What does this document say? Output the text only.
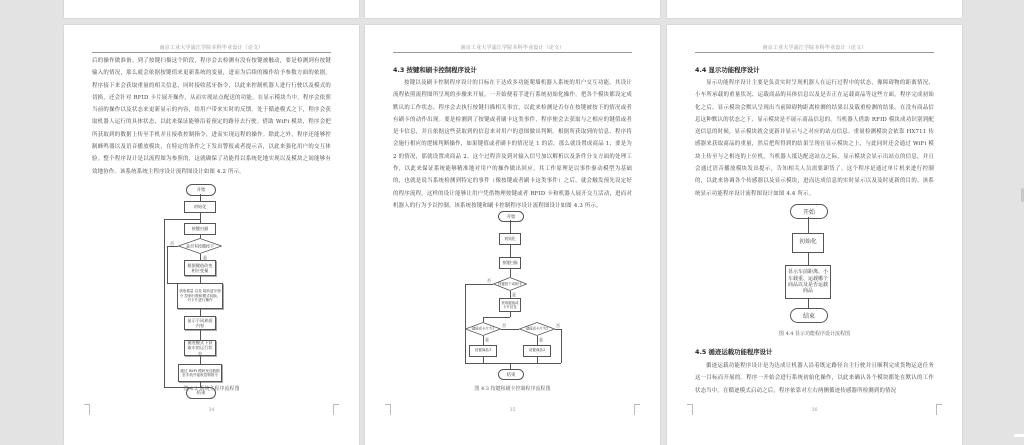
南京工业大学浦江学院本科毕业设计（论文）
后的操作做准备。到了按键扫描这个阶段，程序会去检测有没有按键被触动，要是检测到有按键输入的情况，那么就会依据按键值来更新系统的变量，进而为后续的操作给予参数方面的依据。程序接下来会获取重量的相关信息，同时接收蓝牙指令，以此来控制机器人进行行驶以及模式的切换，还会针对 RFID 卡片展开操作，从而实现站点配送的功能。在显示模块当中，程序会依照当前的操作以及状态来更新显示的内容，给用户带来实时的反馈。处于循迹模式之下，程序会获取机器人运行的具体状态，以此来保证能够沿着预定的路径去行驶。借助 WiFi 模块，程序会把所获取到的数据上传至手机并且接收控制指令，进而实现远程的操作。除此之外，程序还能够控制蜂鸣器以及语音播放模块，在特定的条件之下发出警报或者提示音，以此来强化用户的交互体验。整个程序设计是以流程图为参照的，这就确保了功能得以系统化地实现以及模块之间能够有效地协作。该系统系统主程序设计流程图设计如图 4.2 所示。
开始
初始化
按键扫描
是否有按键按下
否
是
根据键值改变相应变量
获取重量 以及 接收蓝牙指令 控制行驶和模式切换，对卡片进行操作
显示不同界面内容
循迹模式下获取车的运行状态
通过 WiFi 模块发送数据至手机并接收控制指令
结束
图 4.2 系统主程序流程图
34
南京工业大学浦江学院本科毕业设计（论文）
4.3 按键和刷卡控制程序设计
按键以及刷卡控制程序设计的目标在于达成多功能爬墙机器人系统的用户交互功能。其设计流程依照流程图所呈现的步骤来开展。一开始便着手进行系统初始化操作，把各个模块都设定成默认的工作状态。程序会去执行按键扫描相关事宜，以此来检测是否存在按键被按下的情况或者有刷卡的动作出现。要是检测到了按键或者刷卡这类事件，程序便会去获取与之相应的键值或者是卡信息，并且依据这些获取到的信息来对用户的意图做出判断。根据所获取到的信息，程序将会施行相应的逻辑判断操作，如果键值或者刷卡的情况是 1 的话，那么就设置成商品 1；要是为 2 的情况，那就设置成商品 2。这个过程涉及到对输入信号加以解析以及条件分支方面的处理工作，以此来保证系统能够精准地对用户的操作做出回应。其工作原理是以事件驱动模型为基础的，也就是说当系统检测到特定的事件（像按键或者刷卡这类事件）之后，就会触发预先设定好的程序流程。这样的设计能够让用户凭借物理按键或者 RFID 卡和机器人展开交互活动，进而对机器人的行为予以控制。该系统按键和刷卡控制程序设计流程图设计如图 4.3 所示。
开始
初始化
按键扫描
按键按下或刷卡
否
是
获取键值或卡片信息
键值或卡片为1
否
键值或卡片为2
否
是	是
设置商品1	设置商品2
结束
图 4.3 按键和刷卡控制程序流程图
35
南京工业大学浦江学院本科毕业设计（论文）
4.4 显示功能程序设计
显示功能程序设计主要是负责实时呈现机器人在运行过程中的状态，像障碍物的距离情况、小车所承载的重量状况、运载商品的具体信息以及是否正在运载商品等这些方面。程序完成初始化之后，显示模块会默认呈现出当前障碍物距离检测的结果以及载重检测的结果。在没有商品信息这种默认的状态之下，显示模块是不展示商品信息的。当机器人借助 RFID 模块成功识别到配送信息的时候，显示模块就会更新并显示与之对应的站点信息。重量检测模块会依靠 HX711 传感器来获取商品的重量，然后把所得到的结果呈现在显示模块之上，与此同时还会通过 WiFi 模块上传至与之相连的上位机。当机器人抵达配送站点之际，显示模块会显示出站点的信息，并且会通过语音播放模块发出提示，告知相关人员需要卸货了。这个程序是通过单片机来进行控制的，以此来协调各个传感器以及显示模块，进而达成信息的实时显示以及及时更新的目的。该系统显示功能程序设计流程图设计如图 4.4 所示。
开始
初始化
显示车前距离、小车载重、运载哪个商品以及是否运载商品
结束
图 4.4 显示功能程序设计流程图
4.5 循迹运载功能程序设计
循迹运载功能程序设计是为达成让机器人沿着既定路径自主行驶并且顺利完成货物运送任务这一目标而开展的。程序一开始会进行系统初始化操作，以此来确认各个模块都处在默认的工作状态当中。在循迹模式启动之后，程序依靠对左右两侧循迹传感器所检测到的情况
36
